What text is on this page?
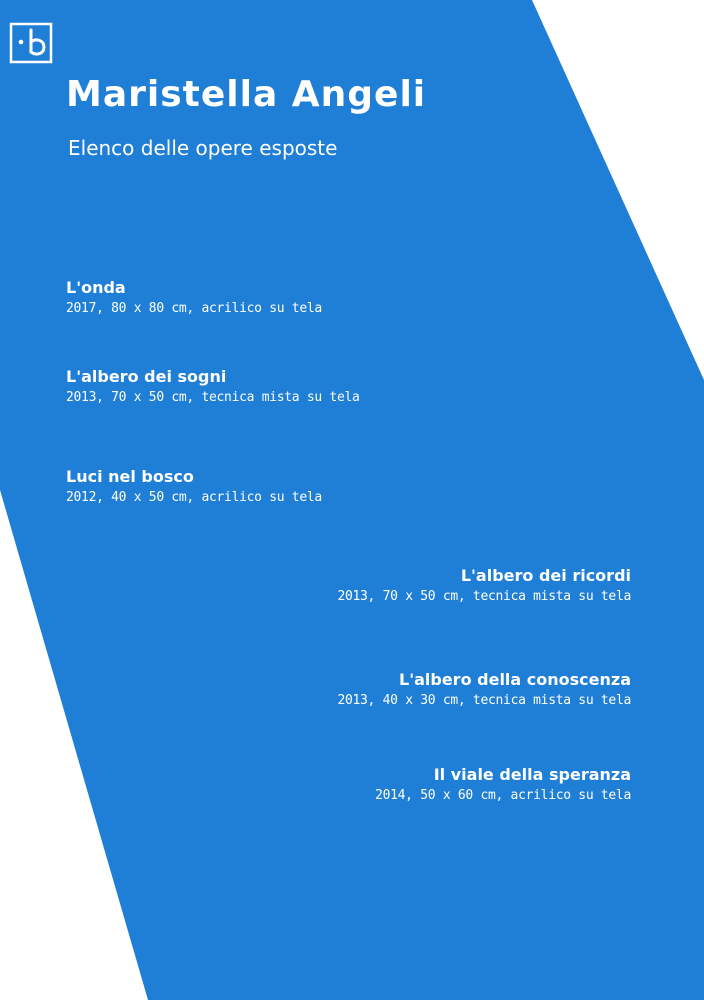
Maristella Angeli
Elenco delle opere esposte
L'onda
2017, 80 x 80 cm, acrilico su tela
L'albero dei sogni
2013, 70 x 50 cm, tecnica mista su tela
Luci nel bosco
2012, 40 x 50 cm, acrilico su tela
L'albero dei ricordi
2013, 70 x 50 cm, tecnica mista su tela
L'albero della conoscenza
2013, 40 x 30 cm, tecnica mista su tela
Il viale della speranza
2014, 50 x 60 cm, acrilico su tela
